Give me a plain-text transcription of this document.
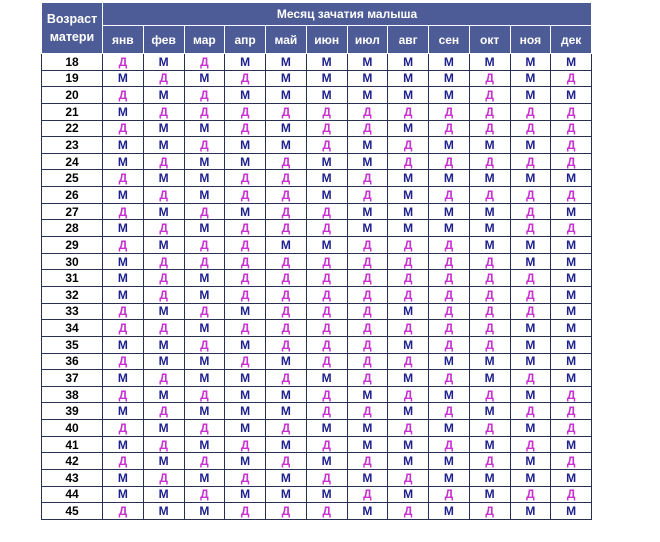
Возраст
матери	Месяц зачатия малыша											
	янв	фев	мар	апр	май	июн	июл	авг	сен	окт	ноя	дек
18	Д	М	Д	М	М	М	М	М	М	М	М	М
19	М	Д	М	Д	М	М	М	М	М	Д	М	Д
20	Д	М	Д	М	М	М	М	М	М	Д	М	М
21	М	Д	Д	Д	Д	Д	Д	Д	Д	Д	Д	Д
22	Д	М	М	Д	М	Д	Д	М	Д	Д	Д	Д
23	М	М	Д	М	М	Д	М	Д	М	М	М	Д
24	М	Д	М	М	Д	М	М	Д	Д	Д	Д	Д
25	Д	М	М	Д	Д	М	Д	М	М	М	М	М
26	М	Д	М	Д	Д	М	Д	М	Д	Д	Д	Д
27	Д	М	Д	М	Д	Д	М	М	М	М	Д	М
28	М	Д	М	Д	Д	Д	М	М	М	М	Д	Д
29	Д	М	Д	Д	М	М	Д	Д	Д	М	М	М
30	М	Д	Д	Д	Д	Д	Д	Д	Д	Д	М	М
31	М	Д	М	Д	Д	Д	Д	Д	Д	Д	Д	М
32	М	Д	М	Д	Д	Д	Д	Д	Д	Д	Д	М
33	Д	М	Д	М	Д	Д	Д	М	Д	Д	Д	М
34	Д	Д	М	Д	Д	Д	Д	Д	Д	Д	М	М
35	М	М	Д	М	Д	Д	Д	М	Д	Д	М	М
36	Д	М	М	Д	М	Д	Д	Д	М	М	М	М
37	М	Д	М	М	Д	М	Д	М	Д	М	Д	М
38	Д	М	Д	М	М	Д	М	Д	М	Д	М	Д
39	М	Д	М	М	М	Д	Д	М	Д	М	Д	Д
40	Д	М	Д	М	Д	М	М	Д	М	Д	М	Д
41	М	Д	М	Д	М	Д	М	М	Д	М	Д	М
42	Д	М	Д	М	Д	М	Д	М	М	Д	М	Д
43	М	Д	М	Д	М	Д	М	Д	М	М	М	М
44	М	М	Д	М	М	М	Д	М	Д	М	Д	Д
45	Д	М	М	Д	Д	Д	М	Д	М	Д	М	М
